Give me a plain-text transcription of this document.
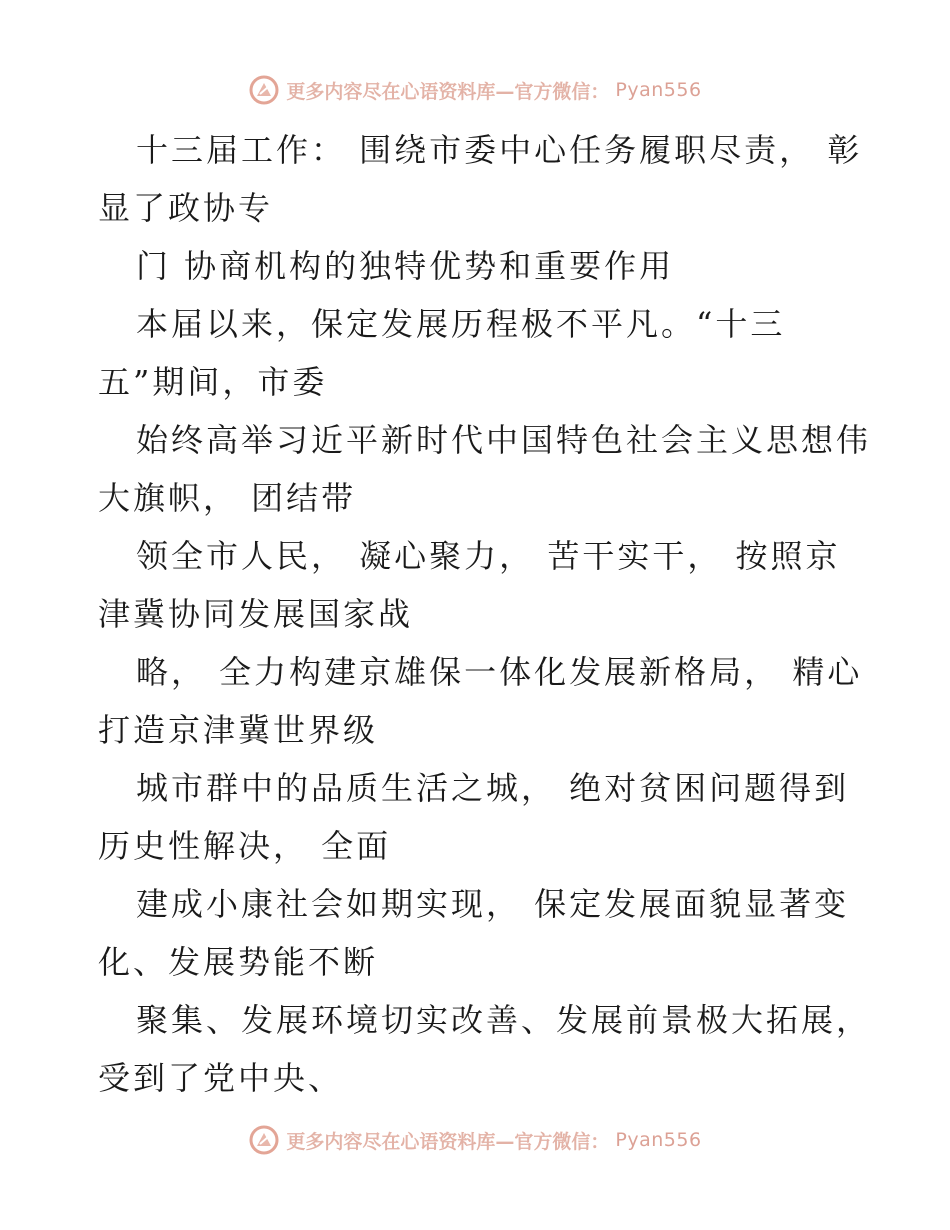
更多内容尽在心语资料库—官方微信： Pyan556
十三届工作： 围绕市委中心任务履职尽责， 彰
显了政协专
门 协商机构的独特优势和重要作用
本届以来，保定发展历程极不平凡。“十三
五”期间，市委
始终高举习近平新时代中国特色社会主义思想伟
大旗帜， 团结带
领全市人民， 凝心聚力， 苦干实干， 按照京
津冀协同发展国家战
略， 全力构建京雄保一体化发展新格局， 精心
打造京津冀世界级
城市群中的品质生活之城， 绝对贫困问题得到
历史性解决， 全面
建成小康社会如期实现， 保定发展面貌显著变
化、发展势能不断
聚集、发展环境切实改善、发展前景极大拓展，
受到了党中央、
更多内容尽在心语资料库—官方微信： Pyan556
